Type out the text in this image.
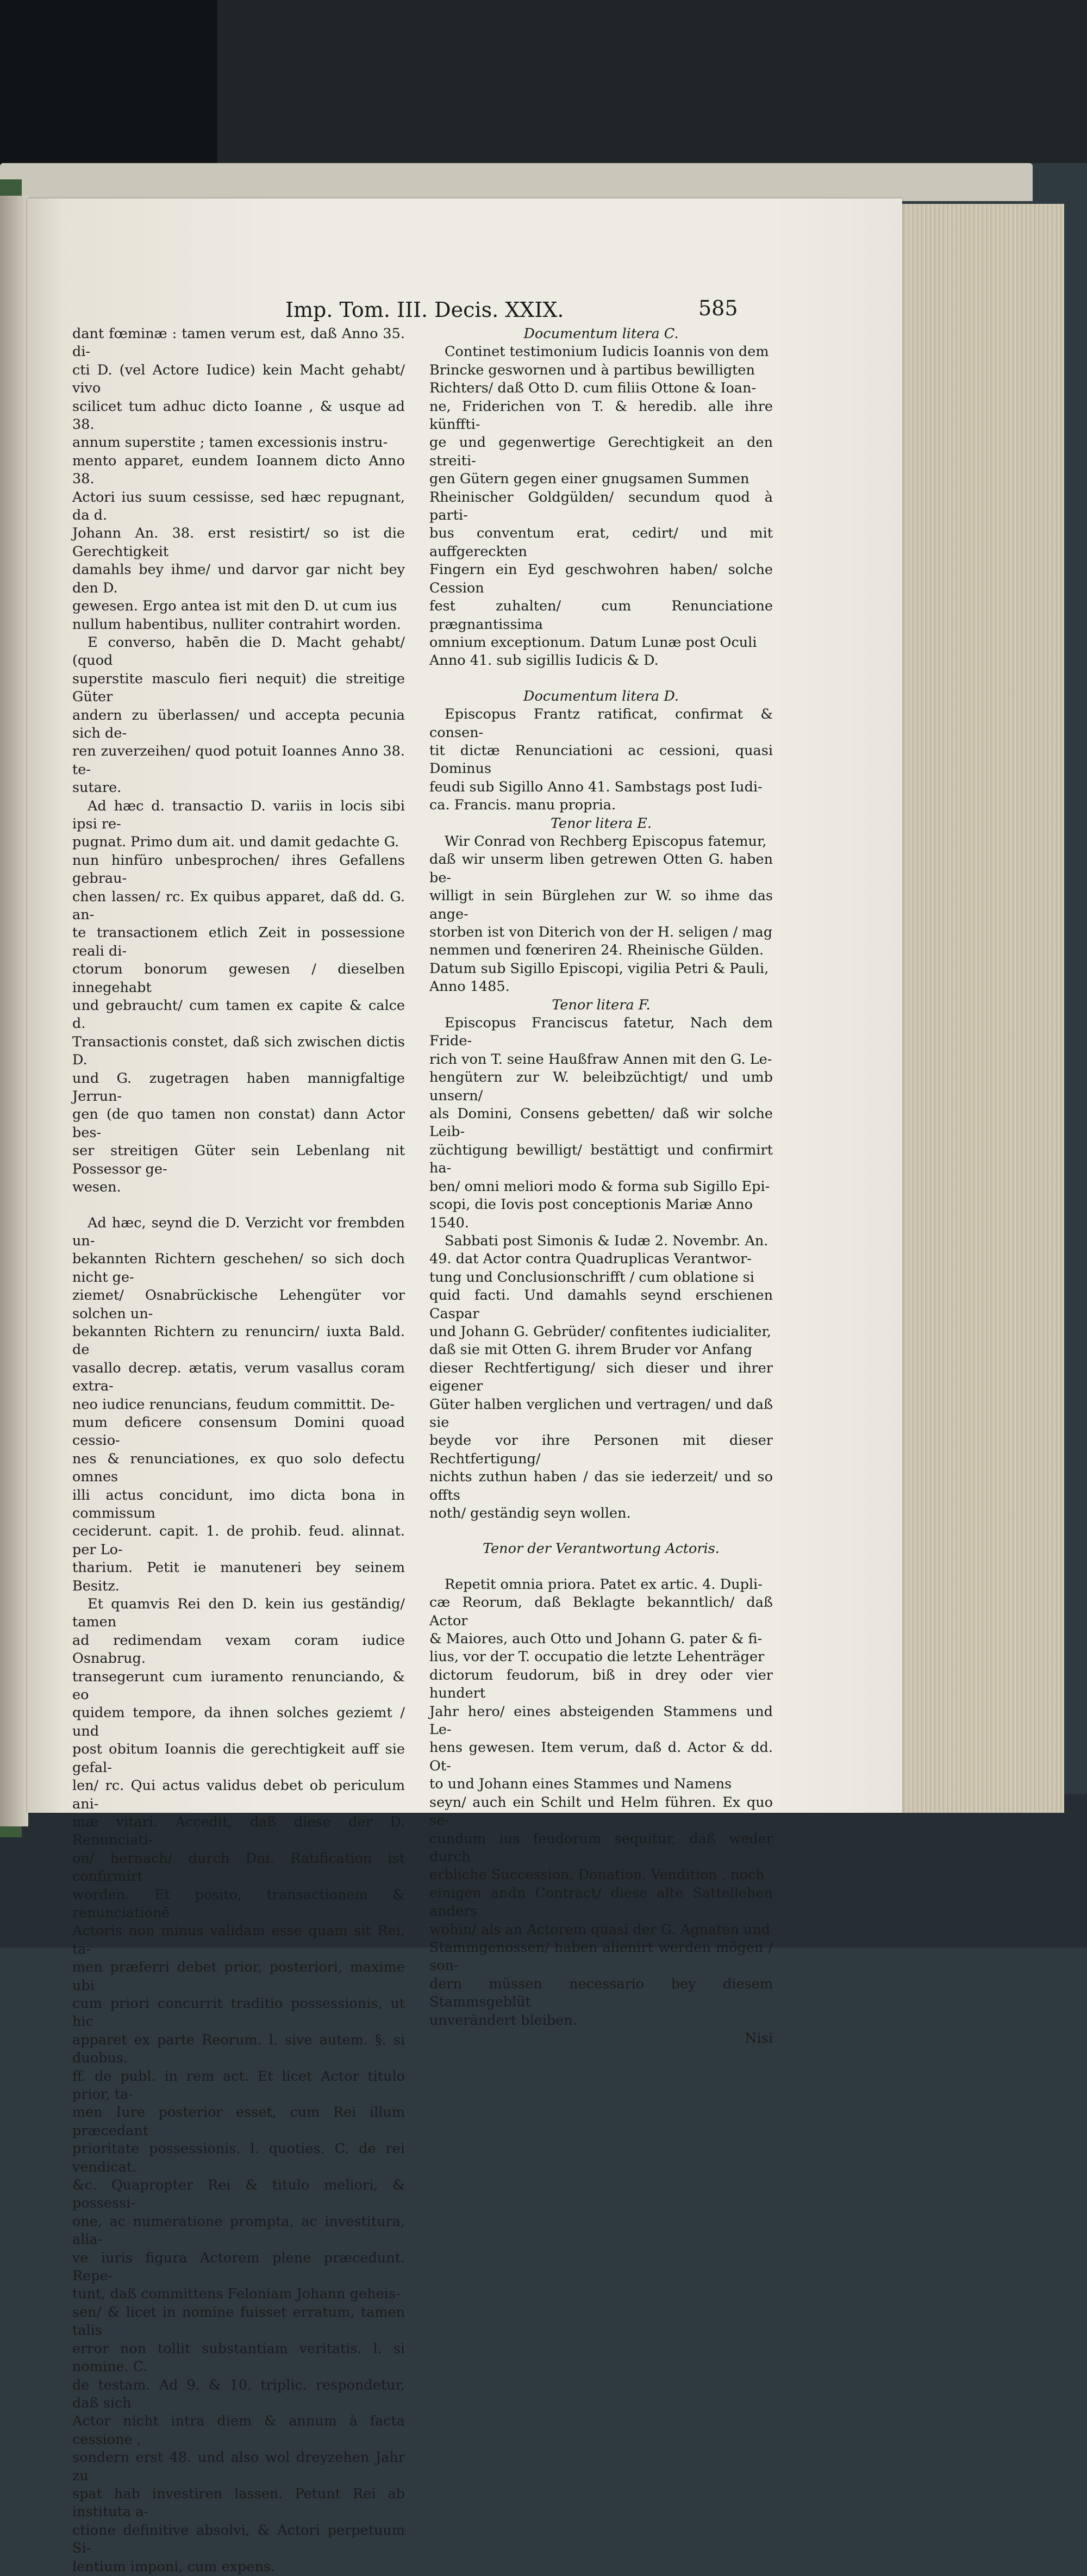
Imp. Tom. III. Decis. XXIX.	585

dant fœminæ : tamen verum est, daß Anno 35. di-

cti D. (vel Actore Iudice) kein Macht gehabt/ vivo

scilicet tum adhuc dicto Ioanne , & usque ad 38.

annum superstite ; tamen excessionis instru-

mento apparet, eundem Ioannem dicto Anno 38.

Actori ius suum cessisse, sed hæc repugnant, da d.

Johann An. 38. erst resistirt/ so ist die Gerechtigkeit

damahls bey ihme/ und darvor gar nicht bey den D.

gewesen. Ergo antea ist mit den D. ut cum ius

nullum habentibus, nulliter contrahirt worden.

E converso, habēn die D. Macht gehabt/ (quod

superstite masculo fieri nequit) die streitige Güter

andern zu überlassen/ und accepta pecunia sich de-

ren zuverzeihen/ quod potuit Ioannes Anno 38. te-

sutare.

Ad hæc d. transactio D. variis in locis sibi ipsi re-

pugnat. Primo dum ait. und damit gedachte G.

nun hinfüro unbesprochen/ ihres Gefallens gebrau-

chen lassen/ rc. Ex quibus apparet, daß dd. G. an-

te transactionem etlich Zeit in possessione reali di-

ctorum bonorum gewesen / dieselben innegehabt

und gebraucht/ cum tamen ex capite & calce d.

Transactionis constet, daß sich zwischen dictis D.

und G. zugetragen haben mannigfaltige Jerrun-

gen (de quo tamen non constat) dann Actor bes-

ser streitigen Güter sein Lebenlang nit Possessor ge-

wesen.

Ad hæc, seynd die D. Verzicht vor frembden un-

bekannten Richtern geschehen/ so sich doch nicht ge-

ziemet/ Osnabrückische Lehengüter vor solchen un-

bekannten Richtern zu renuncirn/ iuxta Bald. de

vasallo decrep. ætatis, verum vasallus coram extra-

neo iudice renuncians, feudum committit. De-

mum deficere consensum Domini quoad cessio-

nes & renunciationes, ex quo solo defectu omnes

illi actus concidunt, imo dicta bona in commissum

ceciderunt. capit. 1. de prohib. feud. alinnat. per Lo-

tharium. Petit ie manuteneri bey seinem Besitz.

Et quamvis Rei den D. kein ius geständig/ tamen

ad redimendam vexam coram iudice Osnabrug.

transegerunt cum iuramento renunciando, & eo

quidem tempore, da ihnen solches geziemt / und

post obitum Ioannis die gerechtigkeit auff sie gefal-

len/ rc. Qui actus validus debet ob periculum ani-

mæ vitari. Accedit, daß diese der D. Renunciati-

on/ hernach/ durch Dni. Ratification ist confirmirt

worden. Et posito, transactionem & renunciationē

Actoris non minus validam esse quam sit Rei, ta-

men præferri debet prior, posteriori, maxime ubi

cum priori concurrit traditio possessionis, ut hic

apparet ex parte Reorum. l. sive autem. §. si duobus.

ff. de publ. in rem act. Et licet Actor titulo prior, ta-

men Iure posterior esset, cum Rei illum præcedant

prioritate possessionis. l. quoties. C. de rei vendicat.

&c. Quapropter Rei & titulo meliori, & possessi-

one, ac numeratione prompta, ac investitura, alia-

ve iuris figura Actorem plene præcedunt. Repe-

tunt, daß committens Feloniam Johann geheis-

sen/ & licet in nomine fuisset erratum, tamen talis

error non tollit substantiam veritatis. l. si nomine. C.

de testam. Ad 9. & 10. triplic. respondetur, daß sich

Actor nicht intra diem & annum à facta cessione ,

sondern erst 48. und also wol dreyzehen Jahr zu

spat hab investiren lassen. Petunt Rei ab instituta a-

ctione definitive absolvi, & Actori perpetuum Si-

lentium imponi, cum expens.

Documentum litera C.

Continet testimonium Iudicis Ioannis von dem

Brincke geswornen und à partibus bewilligten

Richters/ daß Otto D. cum filiis Ottone & Ioan-

ne, Friderichen von T. & heredib. alle ihre künffti-

ge und gegenwertige Gerechtigkeit an den streiti-

gen Gütern gegen einer gnugsamen Summen

Rheinischer Goldgülden/ secundum quod à parti-

bus conventum erat, cedirt/ und mit auffgereckten

Fingern ein Eyd geschwohren haben/ solche Cession

fest zuhalten/ cum Renunciatione prægnantissima

omnium exceptionum. Datum Lunæ post Oculi

Anno 41. sub sigillis Iudicis & D.

Documentum litera D.

Episcopus Frantz ratificat, confirmat & consen-

tit dictæ Renunciationi ac cessioni, quasi Dominus

feudi sub Sigillo Anno 41. Sambstags post Iudi-

ca. Francis. manu propria.

Tenor litera E.

Wir Conrad von Rechberg Episcopus fatemur,

daß wir unserm liben getrewen Otten G. haben be-

willigt in sein Bürglehen zur W. so ihme das ange-

storben ist von Diterich von der H. seligen / mag

nemmen und fœneriren 24. Rheinische Gülden.

Datum sub Sigillo Episcopi, vigilia Petri & Pauli,

Anno 1485.

Tenor litera F.

Episcopus Franciscus fatetur, Nach dem Fride-

rich von T. seine Haußfraw Annen mit den G. Le-

hengütern zur W. beleibzüchtigt/ und umb unsern/

als Domini, Consens gebetten/ daß wir solche Leib-

züchtigung bewilligt/ bestättigt und confirmirt ha-

ben/ omni meliori modo & forma sub Sigillo Epi-

scopi, die Iovis post conceptionis Mariæ Anno

1540.

Sabbati post Simonis & Iudæ 2. Novembr. An.

49. dat Actor contra Quadruplicas Verantwor-

tung und Conclusionschrifft / cum oblatione si

quid facti. Und damahls seynd erschienen Caspar

und Johann G. Gebrüder/ confitentes iudicialiter,

daß sie mit Otten G. ihrem Bruder vor Anfang

dieser Rechtfertigung/ sich dieser und ihrer eigener

Güter halben verglichen und vertragen/ und daß sie

beyde vor ihre Personen mit dieser Rechtfertigung/

nichts zuthun haben / das sie iederzeit/ und so offts

noth/ geständig seyn wollen.

Tenor der Verantwortung Actoris.

Repetit omnia priora. Patet ex artic. 4. Dupli-

cæ Reorum, daß Beklagte bekanntlich/ daß Actor

& Maiores, auch Otto und Johann G. pater & fi-

lius, vor der T. occupatio die letzte Lehenträger

dictorum feudorum, biß in drey oder vier hundert

Jahr hero/ eines absteigenden Stammens und Le-

hens gewesen. Item verum, daß d. Actor & dd. Ot-

to und Johann eines Stammes und Namens

seyn/ auch ein Schilt und Helm führen. Ex quo se-

cundum ius feudorum sequitur, daß weder durch

erbliche Succession, Donation, Vendition , noch

einigen andn Contract/ diese alte Sattellehen anders

wohin/ als an Actorem quasi der G. Agnaten und

Stammgenossen/ haben alienirt werden mögen / son-

dern müssen necessario bey diesem Stammsgeblüt

unverändert bleiben.

Nisi
